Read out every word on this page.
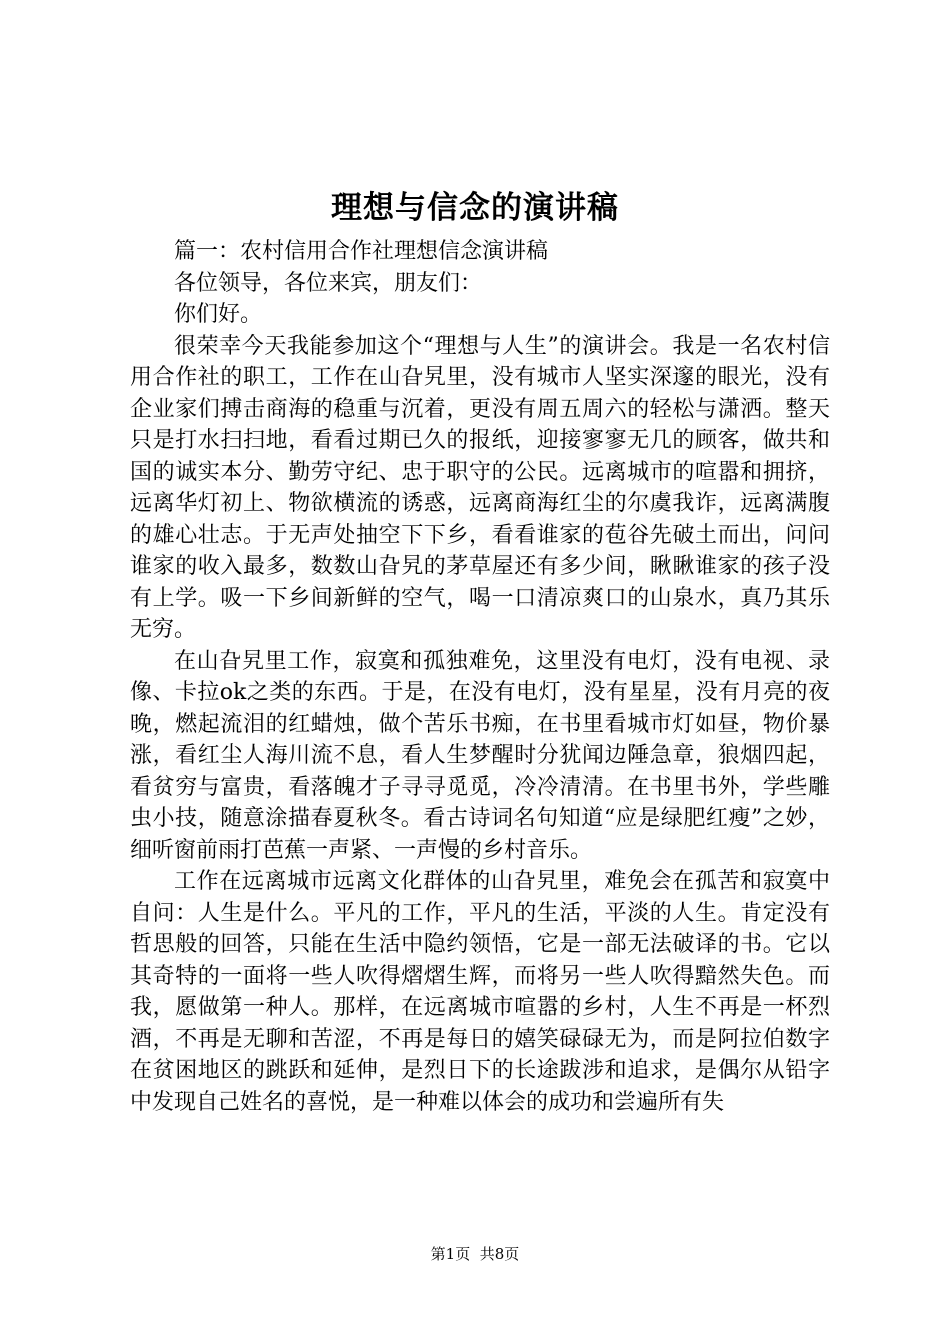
理想与信念的演讲稿

篇一：农村信用合作社理想信念演讲稿

各位领导，各位来宾，朋友们：

你们好。

很荣幸今天我能参加这个“理想与人生”的演讲会。我是一名农村信用合作社的职工，工作在山旮旯里，没有城市人坚实深邃的眼光，没有企业家们搏击商海的稳重与沉着，更没有周五周六的轻松与潇洒。整天只是打水扫扫地，看看过期已久的报纸，迎接寥寥无几的顾客，做共和国的诚实本分、勤劳守纪、忠于职守的公民。远离城市的喧嚣和拥挤，远离华灯初上、物欲横流的诱惑，远离商海红尘的尔虞我诈，远离满腹的雄心壮志。于无声处抽空下下乡，看看谁家的苞谷先破土而出，问问谁家的收入最多，数数山旮旯的茅草屋还有多少间，瞅瞅谁家的孩子没有上学。吸一下乡间新鲜的空气，喝一口清凉爽口的山泉水，真乃其乐无穷。

在山旮旯里工作，寂寞和孤独难免，这里没有电灯，没有电视、录像、卡拉ok之类的东西。于是，在没有电灯，没有星星，没有月亮的夜晚，燃起流泪的红蜡烛，做个苦乐书痴，在书里看城市灯如昼，物价暴涨，看红尘人海川流不息，看人生梦醒时分犹闻边陲急章，狼烟四起，看贫穷与富贵，看落魄才子寻寻觅觅，冷冷清清。在书里书外，学些雕虫小技，随意涂描春夏秋冬。看古诗词名句知道“应是绿肥红瘦”之妙，细听窗前雨打芭蕉一声紧、一声慢的乡村音乐。

工作在远离城市远离文化群体的山旮旯里，难免会在孤苦和寂寞中自问：人生是什么。平凡的工作，平凡的生活，平淡的人生。肯定没有哲思般的回答，只能在生活中隐约领悟，它是一部无法破译的书。它以其奇特的一面将一些人吹得熠熠生辉，而将另一些人吹得黯然失色。而我，愿做第一种人。那样，在远离城市喧嚣的乡村，人生不再是一杯烈酒，不再是无聊和苦涩，不再是每日的嬉笑碌碌无为，而是阿拉伯数字在贫困地区的跳跃和延伸，是烈日下的长途跋涉和追求，是偶尔从铅字中发现自己姓名的喜悦，是一种难以体会的成功和尝遍所有失

第1页 共8页
